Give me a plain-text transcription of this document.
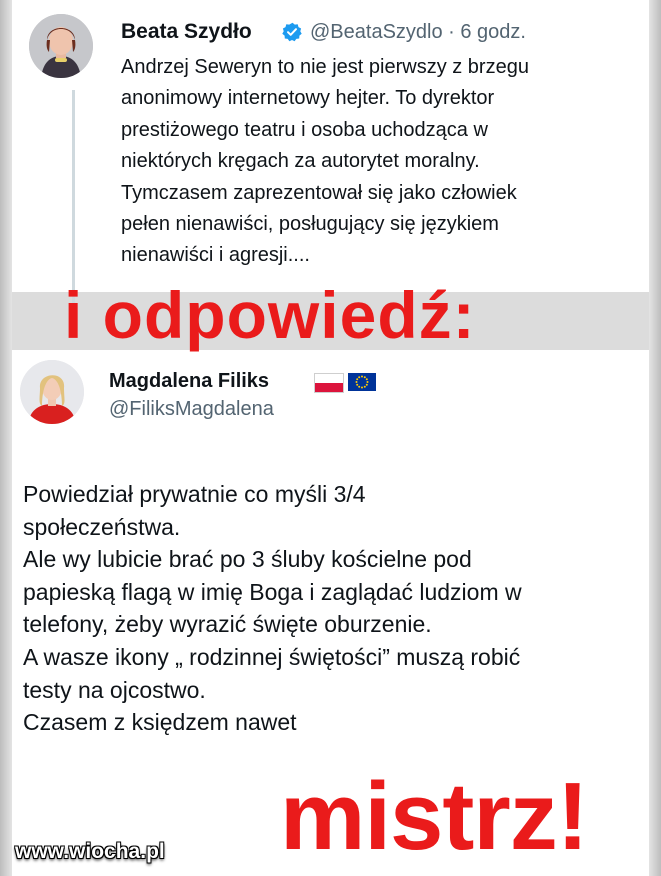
Beata Szydło	@BeataSzydlo · 6 godz.
Andrzej Seweryn to nie jest pierwszy z brzegu
anonimowy internetowy hejter. To dyrektor
prestiżowego teatru i osoba uchodząca w
niektórych kręgach za autorytet moralny.
Tymczasem zaprezentował się jako człowiek
pełen nienawiści, posługujący się językiem
nienawiści i agresji....
Magdalena Filiks
@FiliksMagdalena
Powiedział prywatnie co myśli 3/4
społeczeństwa.
Ale wy lubicie brać po 3 śluby kościelne pod
papieską flagą w imię Boga i zaglądać ludziom w
telefony, żeby wyrazić święte oburzenie.
A wasze ikony „ rodzinnej świętości” muszą robić
testy na ojcostwo.
Czasem z księdzem nawet
i odpowiedź:
mistrz!
www.wiocha.pl
